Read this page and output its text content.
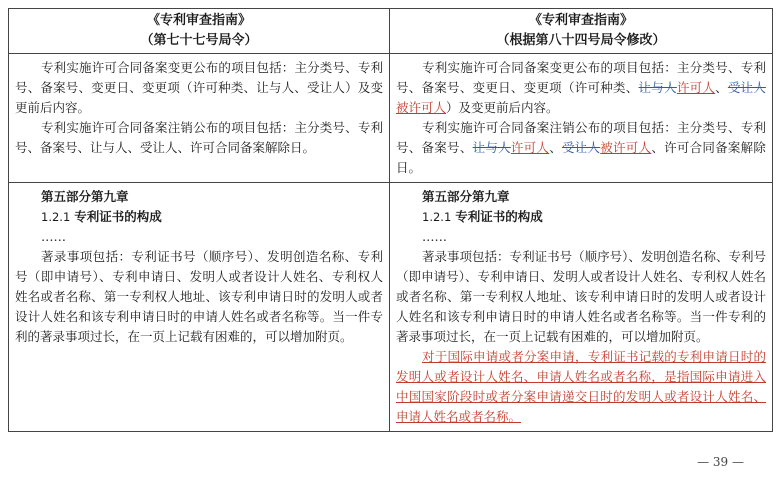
《专利审查指南》
（第七十七号局令）
《专利审查指南》
（根据第八十四号局令修改）

专利实施许可合同备案变更公布的项目包括：主分类号、专利号、备案号、变更日、变更项（许可种类、让与人、受让人）及变更前后内容。

专利实施许可合同备案注销公布的项目包括：主分类号、专利号、备案号、让与人、受让人、许可合同备案解除日。

专利实施许可合同备案变更公布的项目包括：主分类号、专利号、备案号、变更日、变更项（许可种类、让与人许可人、受让人被许可人）及变更前后内容。

专利实施许可合同备案注销公布的项目包括：主分类号、专利号、备案号、让与人许可人、受让人被许可人、许可合同备案解除日。

第五部分第九章

1.2.1 专利证书的构成

……

著录事项包括：专利证书号（顺序号）、发明创造名称、专利号（即申请号）、专利申请日、发明人或者设计人姓名、专利权人姓名或者名称、第一专利权人地址、该专利申请日时的发明人或者设计人姓名和该专利申请日时的申请人姓名或者名称等。当一件专利的著录事项过长，在一页上记载有困难的，可以增加附页。

第五部分第九章

1.2.1 专利证书的构成

……

著录事项包括：专利证书号（顺序号）、发明创造名称、专利号（即申请号）、专利申请日、发明人或者设计人姓名、专利权人姓名或者名称、第一专利权人地址、该专利申请日时的发明人或者设计人姓名和该专利申请日时的申请人姓名或者名称等。当一件专利的著录事项过长，在一页上记载有困难的，可以增加附页。

对于国际申请或者分案申请，专利证书记载的专利申请日时的发明人或者设计人姓名、申请人姓名或者名称，是指国际申请进入中国国家阶段时或者分案申请递交日时的发明人或者设计人姓名、申请人姓名或者名称。

— 39 —
